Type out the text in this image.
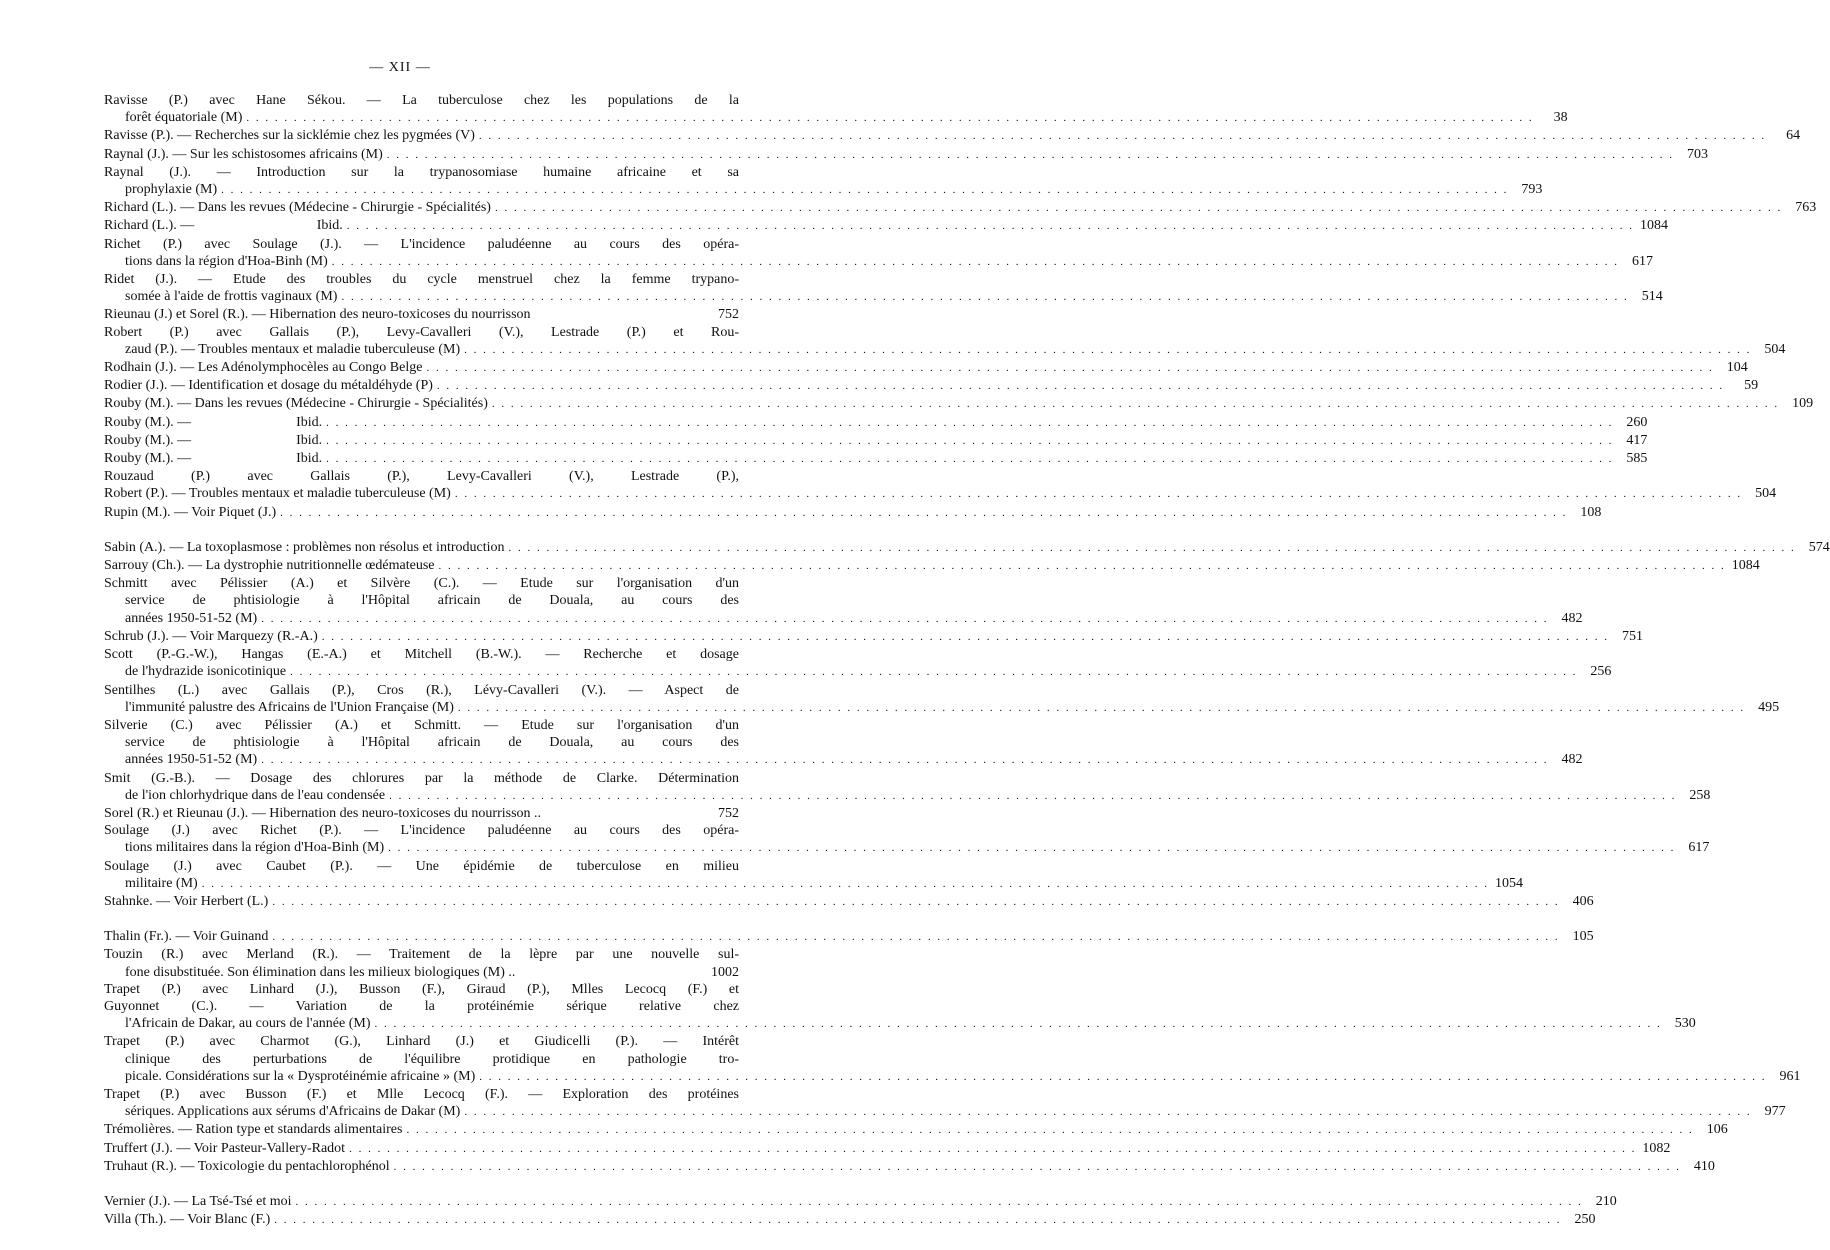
— XII —
Ravisse (P.) avec Hane Sékou. — La tuberculose chez les populations de la
forêt équatoriale (M) . . .	38
Ravisse (P.). — Recherches sur la sicklémie chez les pygmées (V) . . .	64
Raynal (J.). — Sur les schistosomes africains (M) . . .	703
Raynal (J.). — Introduction sur la trypanosomiase humaine africaine et sa
prophylaxie (M) . . .	793
Richard (L.). — Dans les revues (Médecine - Chirurgie - Spécialités) . . .	763
Richard (L.). —                                   Ibid. . . .	1084
Richet (P.) avec Soulage (J.). — L'incidence paludéenne au cours des opéra-
tions dans la région d'Hoa-Binh (M) . . .	617
Ridet (J.). — Etude des troubles du cycle menstruel chez la femme trypano-
somée à l'aide de frottis vaginaux (M) . . .	514
Rieunau (J.) et Sorel (R.). — Hibernation des neuro-toxicoses du nourrisson	752
Robert (P.) avec Gallais (P.), Levy-Cavalleri (V.), Lestrade (P.) et Rou-
zaud (P.). — Troubles mentaux et maladie tuberculeuse (M) . . .	504
Rodhain (J.). — Les Adénolymphocèles au Congo Belge . . .	104
Rodier (J.). — Identification et dosage du métaldéhyde (P) . . .	59
Rouby (M.). — Dans les revues (Médecine - Chirurgie - Spécialités) . . .	109
Rouby (M.). —                              Ibid. . . .	260
Rouby (M.). —                              Ibid. . . .	417
Rouby (M.). —                              Ibid. . . .	585
Rouzaud (P.) avec Gallais (P.), Levy-Cavalleri (V.), Lestrade (P.),
Robert (P.). — Troubles mentaux et maladie tuberculeuse (M) . . .	504
Rupin (M.). — Voir Piquet (J.) . . .	108
Sabin (A.). — La toxoplasmose : problèmes non résolus et introduction . . .	574
Sarrouy (Ch.). — La dystrophie nutritionnelle œdémateuse . . .	1084
Schmitt avec Pélissier (A.) et Silvère (C.). — Etude sur l'organisation d'un
service de phtisiologie à l'Hôpital africain de Douala, au cours des
années 1950-51-52 (M) . . .	482
Schrub (J.). — Voir Marquezy (R.-A.) . . .	751
Scott (P.-G.-W.), Hangas (E.-A.) et Mitchell (B.-W.). — Recherche et dosage
de l'hydrazide isonicotinique . . .	256
Sentilhes (L.) avec Gallais (P.), Cros (R.), Lévy-Cavalleri (V.). — Aspect de
l'immunité palustre des Africains de l'Union Française (M) . . .	495
Silverie (C.) avec Pélissier (A.) et Schmitt. — Etude sur l'organisation d'un
service de phtisiologie à l'Hôpital africain de Douala, au cours des
années 1950-51-52 (M) . . .	482
Smit (G.-B.). — Dosage des chlorures par la méthode de Clarke. Détermination
de l'ion chlorhydrique dans de l'eau condensée . . .	258
Sorel (R.) et Rieunau (J.). — Hibernation des neuro-toxicoses du nourrisson ..	752
Soulage (J.) avec Richet (P.). — L'incidence paludéenne au cours des opéra-
tions militaires dans la région d'Hoa-Binh (M) . . .	617
Soulage (J.) avec Caubet (P.). — Une épidémie de tuberculose en milieu
militaire (M) . . .	1054
Stahnke. — Voir Herbert (L.) . . .	406
Thalin (Fr.). — Voir Guinand . . .	105
Touzin (R.) avec Merland (R.). — Traitement de la lèpre par une nouvelle sul-
fone disubstituée. Son élimination dans les milieux biologiques (M) ..	1002
Trapet (P.) avec Linhard (J.), Busson (F.), Giraud (P.), Mlles Lecocq (F.) et
Guyonnet (C.). — Variation de la protéinémie sérique relative chez
l'Africain de Dakar, au cours de l'année (M) . . .	530
Trapet (P.) avec Charmot (G.), Linhard (J.) et Giudicelli (P.). — Intérêt
clinique des perturbations de l'équilibre protidique en pathologie tro-
picale. Considérations sur la « Dysprotéinémie africaine » (M) . . .	961
Trapet (P.) avec Busson (F.) et Mlle Lecocq (F.). — Exploration des protéines
sériques. Applications aux sérums d'Africains de Dakar (M) . . .	977
Trémolières. — Ration type et standards alimentaires . . .	106
Truffert (J.). — Voir Pasteur-Vallery-Radot . . .	1082
Truhaut (R.). — Toxicologie du pentachlorophénol . . .	410
Vernier (J.). — La Tsé-Tsé et moi . . .	210
Villa (Th.). — Voir Blanc (F.) . . .	250
